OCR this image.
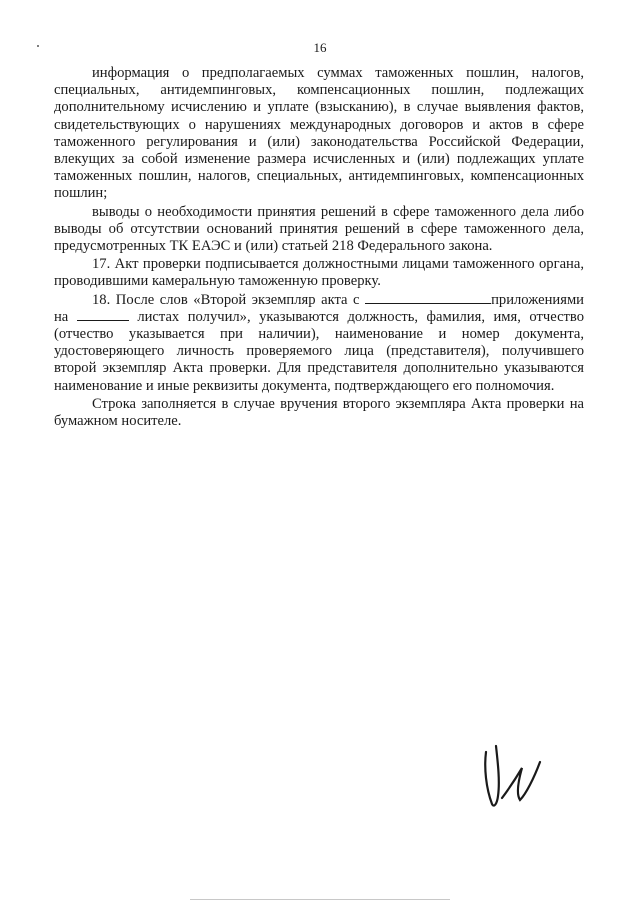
16

информация о предполагаемых суммах таможенных пошлин, налогов, специальных, антидемпинговых, компенсационных пошлин, подлежащих дополнительному исчислению и уплате (взысканию), в случае выявления фактов, свидетельствующих о нарушениях международных договоров и актов в сфере таможенного регулирования и (или) законодательства Российской Федерации, влекущих за собой изменение размера исчисленных и (или) подлежащих уплате таможенных пошлин, налогов, специальных, антидемпинговых, компенсационных пошлин;

выводы о необходимости принятия решений в сфере таможенного дела либо выводы об отсутствии оснований принятия решений в сфере таможенного дела, предусмотренных ТК ЕАЭС и (или) статьей 218 Федерального закона.

17. Акт проверки подписывается должностными лицами таможенного органа, проводившими камеральную таможенную проверку.

18. После слов «Второй экземпляр акта с	приложениями на	листах получил», указываются должность, фамилия, имя, отчество (отчество указывается при наличии), наименование и номер документа, удостоверяющего личность проверяемого лица (представителя), получившего второй экземпляр Акта проверки. Для представителя дополнительно указываются наименование и иные реквизиты документа, подтверждающего его полномочия.

Строка заполняется в случае вручения второго экземпляра Акта проверки на бумажном носителе.
